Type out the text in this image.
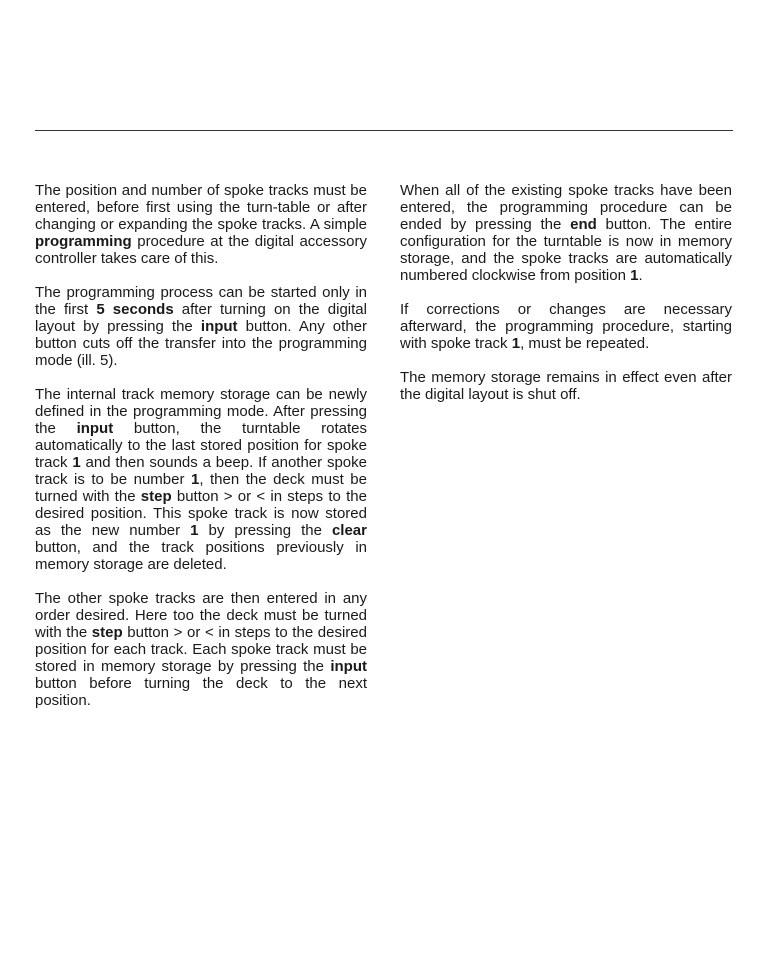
The position and number of spoke tracks must be entered, before first using the turn-table or after changing or expanding the spoke tracks. A simple programming procedure at the digital accessory controller takes care of this.

The programming process can be started only in the first 5 seconds after turning on the digital layout by pressing the input button. Any other button cuts off the transfer into the programming mode (ill. 5).

The internal track memory storage can be newly defined in the programming mode. After pressing the input button, the turntable rotates automatically to the last stored position for spoke track 1 and then sounds a beep. If another spoke track is to be number 1, then the deck must be turned with the step button > or < in steps to the desired position. This spoke track is now stored as the new number 1 by pressing the clear button, and the track positions previously in memory storage are deleted.

The other spoke tracks are then entered in any order desired. Here too the deck must be turned with the step button > or < in steps to the desired position for each track. Each spoke track must be stored in memory storage by pressing the input button before turning the deck to the next position.

When all of the existing spoke tracks have been entered, the programming procedure can be ended by pressing the end button. The entire configuration for the turntable is now in memory storage, and the spoke tracks are automatically numbered clockwise from position 1.

If corrections or changes are necessary afterward, the programming procedure, starting with spoke track 1, must be repeated.

The memory storage remains in effect even after the digital layout is shut off.
